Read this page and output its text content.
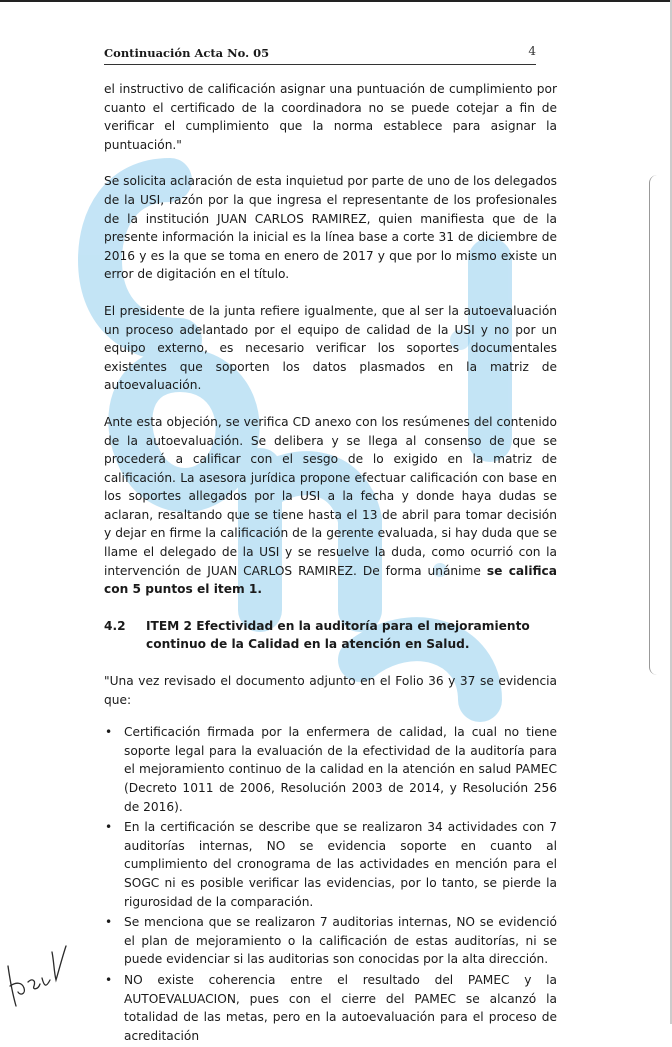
Continuación Acta No. 05	4

el instructivo de calificación asignar una puntuación de cumplimiento por cuanto el certificado de la coordinadora no se puede cotejar a fin de verificar el cumplimiento que la norma establece para asignar la puntuación."

Se solicita aclaración de esta inquietud por parte de uno de los delegados de la USI, razón por la que ingresa el representante de los profesionales de la institución JUAN CARLOS RAMIREZ, quien manifiesta que de la presente información la inicial es la línea base a corte 31 de diciembre de 2016 y es la que se toma en enero de 2017 y que por lo mismo existe un error de digitación en el título.

El presidente de la junta refiere igualmente, que al ser la autoevaluación un proceso adelantado por el equipo de calidad de la USI y no por un equipo externo, es necesario verificar los soportes documentales existentes que soporten los datos plasmados en la matriz de autoevaluación.

Ante esta objeción, se verifica CD anexo con los resúmenes del contenido de la autoevaluación. Se delibera y se llega al consenso de que se procederá a calificar con el sesgo de lo exigido en la matriz de calificación. La asesora jurídica propone efectuar calificación con base en los soportes allegados por la USI a la fecha y donde haya dudas se aclaran, resaltando que se tiene hasta el 13 de abril para tomar decisión y dejar en firme la calificación de la gerente evaluada, si hay duda que se llame el delegado de la USI y se resuelve la duda, como ocurrió con la intervención de JUAN CARLOS RAMIREZ. De forma unánime se califica con 5 puntos el item 1.

4.2	ITEM 2 Efectividad en la auditoría para el mejoramiento continuo de la Calidad en la atención en Salud.

"Una vez revisado el documento adjunto en el Folio 36 y 37 se evidencia que:

• Certificación firmada por la enfermera de calidad, la cual no tiene soporte legal para la evaluación de la efectividad de la auditoría para el mejoramiento continuo de la calidad en la atención en salud PAMEC (Decreto 1011 de 2006, Resolución 2003 de 2014, y Resolución 256 de 2016).
• En la certificación se describe que se realizaron 34 actividades con 7 auditorías internas, NO se evidencia soporte en cuanto al cumplimiento del cronograma de las actividades en mención para el SOGC ni es posible verificar las evidencias, por lo tanto, se pierde la rigurosidad de la comparación.
• Se menciona que se realizaron 7 auditorias internas, NO se evidenció el plan de mejoramiento o la calificación de estas auditorías, ni se puede evidenciar si las auditorias son conocidas por la alta dirección.
• NO existe coherencia entre el resultado del PAMEC y la AUTOEVALUACION, pues con el cierre del PAMEC se alcanzó la totalidad de las metas, pero en la autoevaluación para el proceso de acreditación
